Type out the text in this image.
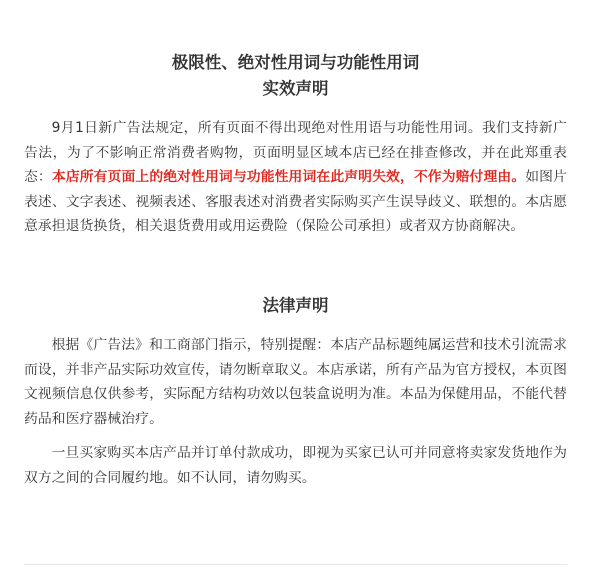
极限性、绝对性用词与功能性用词
实效声明

9月1日新广告法规定，所有页面不得出现绝对性用语与功能性用词。我们支持新广告法，为了不影响正常消费者购物，页面明显区域本店已经在排查修改，并在此郑重表态：本店所有页面上的绝对性用词与功能性用词在此声明失效，不作为赔付理由。如图片表述、文字表述、视频表述、客服表述对消费者实际购买产生误导歧义、联想的。本店愿意承担退货换货，相关退货费用或用运费险（保险公司承担）或者双方协商解决。

法律声明

根据《广告法》和工商部门指示，特别提醒：本店产品标题纯属运营和技术引流需求而设，并非产品实际功效宣传，请勿断章取义。本店承诺，所有产品为官方授权，本页图文视频信息仅供参考，实际配方结构功效以包装盒说明为准。本品为保健用品，不能代替药品和医疗器械治疗。

一旦买家购买本店产品并订单付款成功，即视为买家已认可并同意将卖家发货地作为双方之间的合同履约地。如不认同，请勿购买。
